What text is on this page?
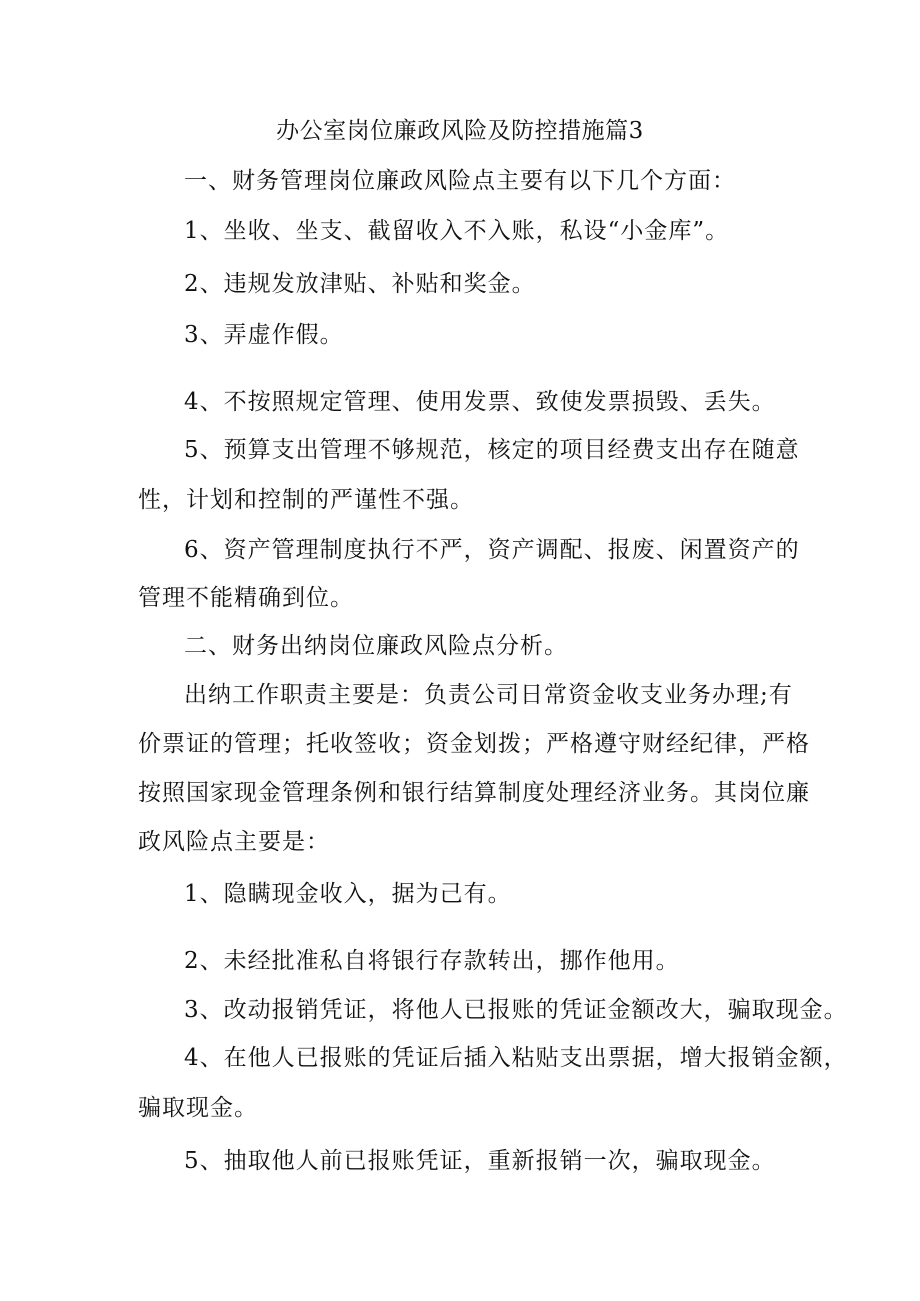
办公室岗位廉政风险及防控措施篇3
一、财务管理岗位廉政风险点主要有以下几个方面：
1、坐收、坐支、截留收入不入账，私设“小金库”。
2、违规发放津贴、补贴和奖金。
3、弄虚作假。
4、不按照规定管理、使用发票、致使发票损毁、丢失。
5、预算支出管理不够规范，核定的项目经费支出存在随意
性，计划和控制的严谨性不强。
6、资产管理制度执行不严，资产调配、报废、闲置资产的
管理不能精确到位。
二、财务出纳岗位廉政风险点分析。
出纳工作职责主要是：负责公司日常资金收支业务办理;有
价票证的管理；托收签收；资金划拨；严格遵守财经纪律，严格
按照国家现金管理条例和银行结算制度处理经济业务。其岗位廉
政风险点主要是：
1、隐瞒现金收入，据为己有。
2、未经批准私自将银行存款转出，挪作他用。
3、改动报销凭证，将他人已报账的凭证金额改大，骗取现金。
4、在他人已报账的凭证后插入粘贴支出票据，增大报销金额，
骗取现金。
5、抽取他人前已报账凭证，重新报销一次，骗取现金。
